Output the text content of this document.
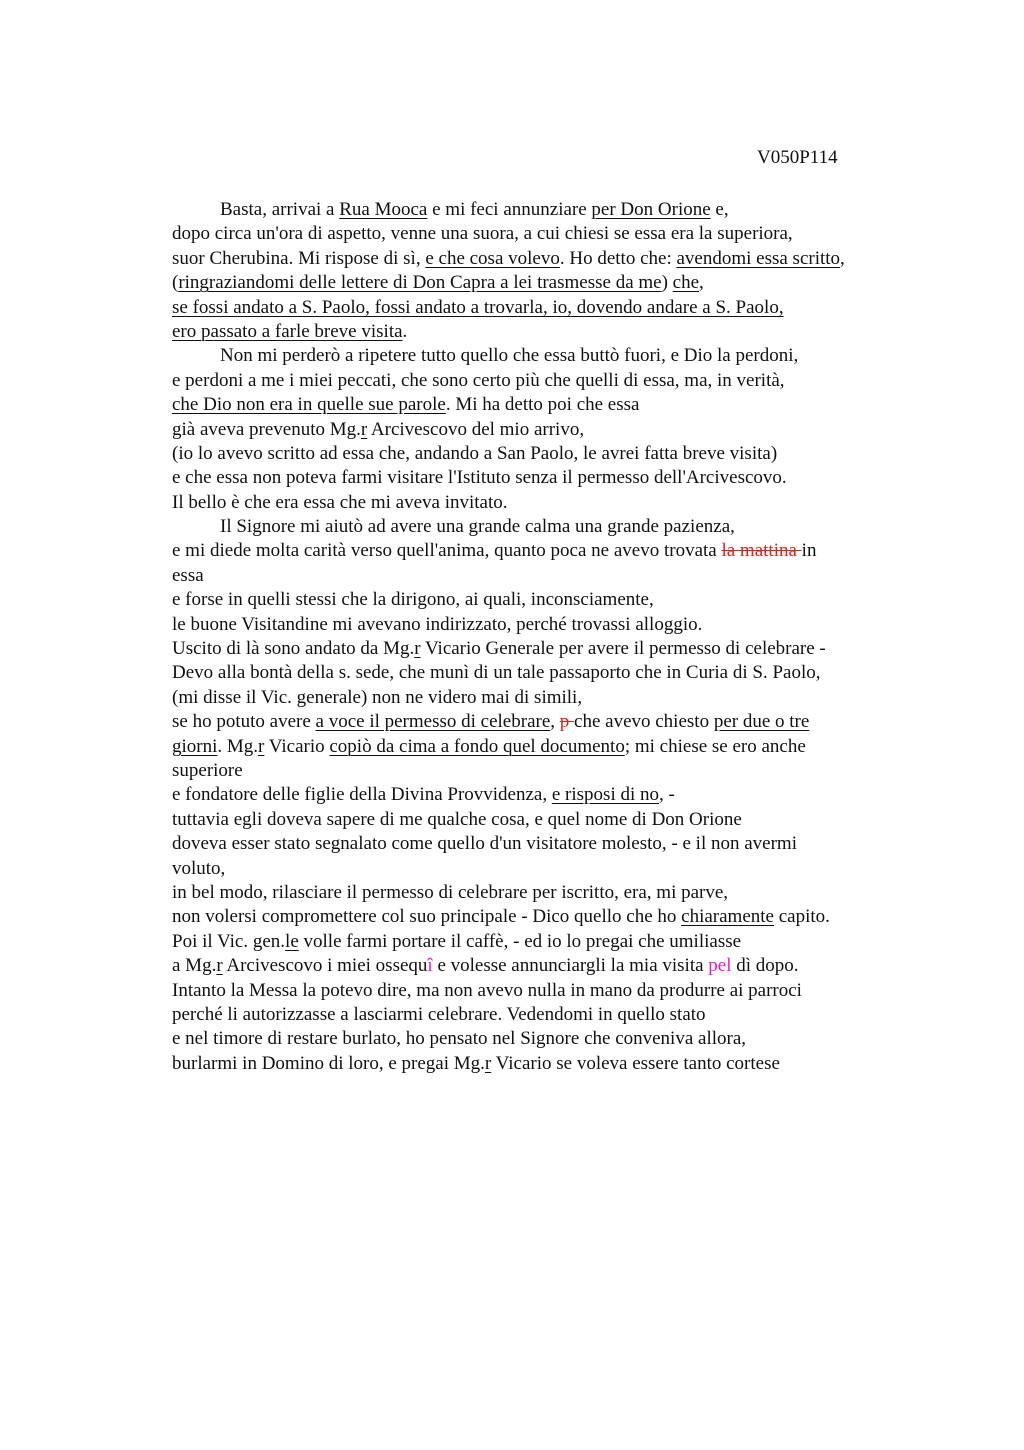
V050P114
Basta, arrivai a Rua Mooca e mi feci annunziare per Don Orione e,
dopo circa un'ora di aspetto, venne una suora, a cui chiesi se essa era la superiora,
suor Cherubina. Mi rispose di sì, e che cosa volevo. Ho detto che: avendomi essa scritto,
(ringraziandomi delle lettere di Don Capra a lei trasmesse da me) che,
se fossi andato a S. Paolo, fossi andato a trovarla, io, dovendo andare a S. Paolo,
ero passato a farle breve visita.
Non mi perderò a ripetere tutto quello che essa buttò fuori, e Dio la perdoni,
e perdoni a me i miei peccati, che sono certo più che quelli di essa, ma, in verità,
che Dio non era in quelle sue parole. Mi ha detto poi che essa
già aveva prevenuto Mg.r Arcivescovo del mio arrivo,
(io lo avevo scritto ad essa che, andando a San Paolo, le avrei fatta breve visita)
e che essa non poteva farmi visitare l'Istituto senza il permesso dell'Arcivescovo.
Il bello è che era essa che mi aveva invitato.
Il Signore mi aiutò ad avere una grande calma una grande pazienza,
e mi diede molta carità verso quell'anima, quanto poca ne avevo trovata la mattina in
essa
e forse in quelli stessi che la dirigono, ai quali, inconsciamente,
le buone Visitandine mi avevano indirizzato, perché trovassi alloggio.
Uscito di là sono andato da Mg.r Vicario Generale per avere il permesso di celebrare -
Devo alla bontà della s. sede, che munì di un tale passaporto che in Curia di S. Paolo,
(mi disse il Vic. generale) non ne videro mai di simili,
se ho potuto avere a voce il permesso di celebrare, p che avevo chiesto per due o tre
giorni. Mg.r Vicario copiò da cima a fondo quel documento; mi chiese se ero anche
superiore
e fondatore delle figlie della Divina Provvidenza, e risposi di no, -
tuttavia egli doveva sapere di me qualche cosa, e quel nome di Don Orione
doveva esser stato segnalato come quello d'un visitatore molesto, - e il non avermi
voluto,
in bel modo, rilasciare il permesso di celebrare per iscritto, era, mi parve,
non volersi compromettere col suo principale - Dico quello che ho chiaramente capito.
Poi il Vic. gen.le volle farmi portare il caffè, - ed io lo pregai che umiliasse
a Mg.r Arcivescovo i miei ossequî e volesse annunciargli la mia visita pel dì dopo.
Intanto la Messa la potevo dire, ma non avevo nulla in mano da produrre ai parroci
perché li autorizzasse a lasciarmi celebrare. Vedendomi in quello stato
e nel timore di restare burlato, ho pensato nel Signore che conveniva allora,
burlarmi in Domino di loro, e pregai Mg.r Vicario se voleva essere tanto cortese
